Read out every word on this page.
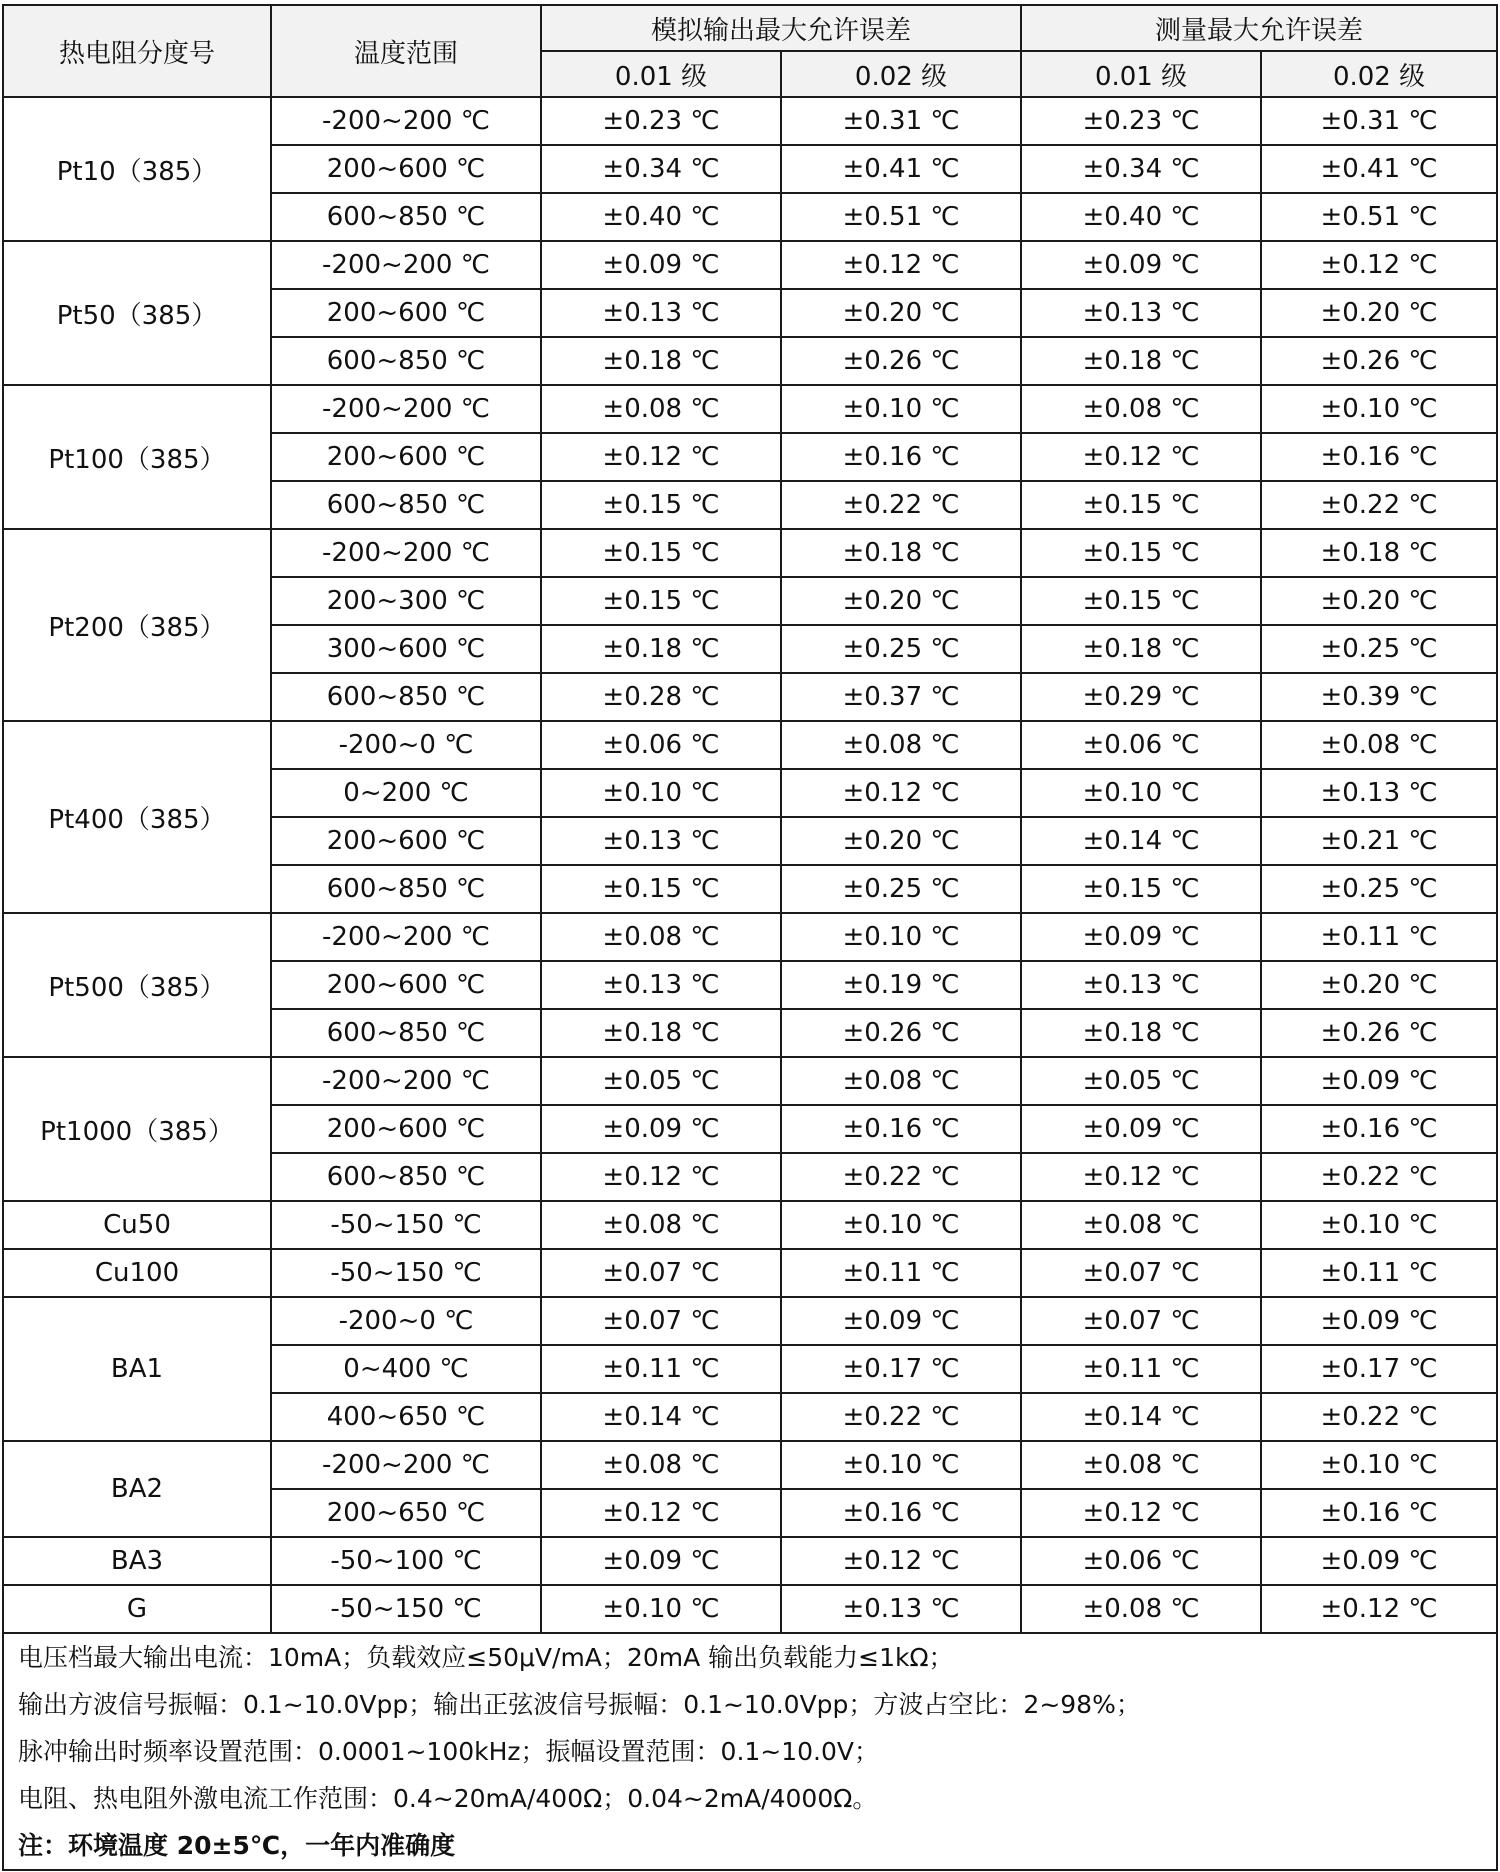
热电阻分度号	温度范围	模拟输出最大允许误差		测量最大允许误差	
		0.01 级	0.02 级	0.01 级	0.02 级
Pt10（385）	-200~200 ℃	±0.23 ℃	±0.31 ℃	±0.23 ℃	±0.31 ℃
	200~600 ℃	±0.34 ℃	±0.41 ℃	±0.34 ℃	±0.41 ℃
	600~850 ℃	±0.40 ℃	±0.51 ℃	±0.40 ℃	±0.51 ℃
Pt50（385）	-200~200 ℃	±0.09 ℃	±0.12 ℃	±0.09 ℃	±0.12 ℃
	200~600 ℃	±0.13 ℃	±0.20 ℃	±0.13 ℃	±0.20 ℃
	600~850 ℃	±0.18 ℃	±0.26 ℃	±0.18 ℃	±0.26 ℃
Pt100（385）	-200~200 ℃	±0.08 ℃	±0.10 ℃	±0.08 ℃	±0.10 ℃
	200~600 ℃	±0.12 ℃	±0.16 ℃	±0.12 ℃	±0.16 ℃
	600~850 ℃	±0.15 ℃	±0.22 ℃	±0.15 ℃	±0.22 ℃
Pt200（385）	-200~200 ℃	±0.15 ℃	±0.18 ℃	±0.15 ℃	±0.18 ℃
	200~300 ℃	±0.15 ℃	±0.20 ℃	±0.15 ℃	±0.20 ℃
	300~600 ℃	±0.18 ℃	±0.25 ℃	±0.18 ℃	±0.25 ℃
	600~850 ℃	±0.28 ℃	±0.37 ℃	±0.29 ℃	±0.39 ℃
Pt400（385）	-200~0 ℃	±0.06 ℃	±0.08 ℃	±0.06 ℃	±0.08 ℃
	0~200 ℃	±0.10 ℃	±0.12 ℃	±0.10 ℃	±0.13 ℃
	200~600 ℃	±0.13 ℃	±0.20 ℃	±0.14 ℃	±0.21 ℃
	600~850 ℃	±0.15 ℃	±0.25 ℃	±0.15 ℃	±0.25 ℃
Pt500（385）	-200~200 ℃	±0.08 ℃	±0.10 ℃	±0.09 ℃	±0.11 ℃
	200~600 ℃	±0.13 ℃	±0.19 ℃	±0.13 ℃	±0.20 ℃
	600~850 ℃	±0.18 ℃	±0.26 ℃	±0.18 ℃	±0.26 ℃
Pt1000（385）	-200~200 ℃	±0.05 ℃	±0.08 ℃	±0.05 ℃	±0.09 ℃
	200~600 ℃	±0.09 ℃	±0.16 ℃	±0.09 ℃	±0.16 ℃
	600~850 ℃	±0.12 ℃	±0.22 ℃	±0.12 ℃	±0.22 ℃
Cu50	-50~150 ℃	±0.08 ℃	±0.10 ℃	±0.08 ℃	±0.10 ℃
Cu100	-50~150 ℃	±0.07 ℃	±0.11 ℃	±0.07 ℃	±0.11 ℃
BA1	-200~0 ℃	±0.07 ℃	±0.09 ℃	±0.07 ℃	±0.09 ℃
	0~400 ℃	±0.11 ℃	±0.17 ℃	±0.11 ℃	±0.17 ℃
	400~650 ℃	±0.14 ℃	±0.22 ℃	±0.14 ℃	±0.22 ℃
BA2	-200~200 ℃	±0.08 ℃	±0.10 ℃	±0.08 ℃	±0.10 ℃
	200~650 ℃	±0.12 ℃	±0.16 ℃	±0.12 ℃	±0.16 ℃
BA3	-50~100 ℃	±0.09 ℃	±0.12 ℃	±0.06 ℃	±0.09 ℃
G	-50~150 ℃	±0.10 ℃	±0.13 ℃	±0.08 ℃	±0.12 ℃

电压档最大输出电流：10mA；负载效应≤50μV/mA；20mA 输出负载能力≤1kΩ；
输出方波信号振幅：0.1~10.0Vpp；输出正弦波信号振幅：0.1~10.0Vpp；方波占空比：2~98%；
脉冲输出时频率设置范围：0.0001~100kHz；振幅设置范围：0.1~10.0V；
电阻、热电阻外激电流工作范围：0.4~20mA/400Ω；0.04~2mA/4000Ω。
注：环境温度 20±5℃，一年内准确度					
